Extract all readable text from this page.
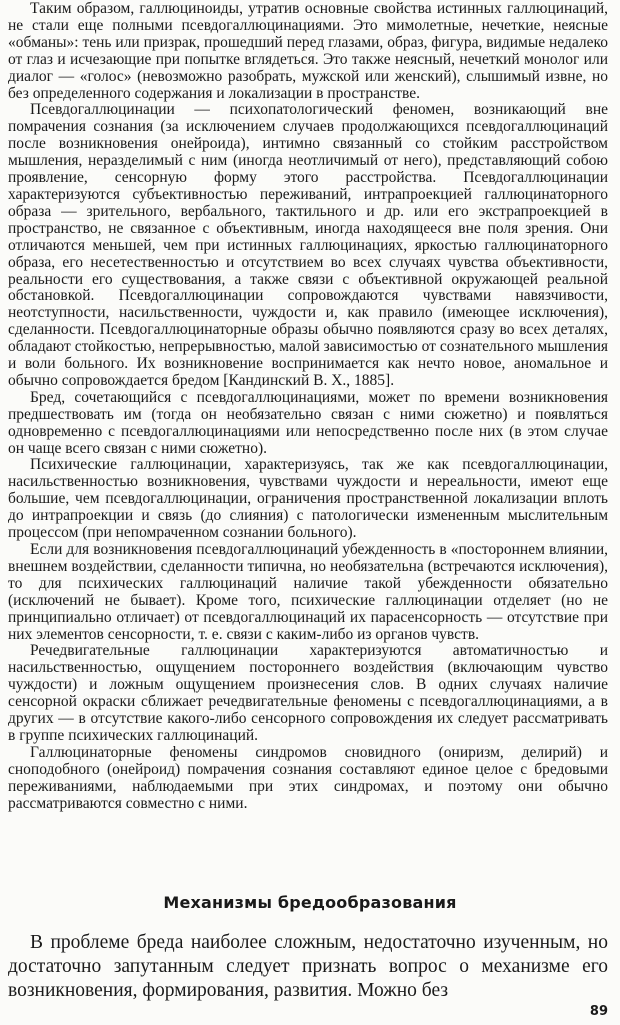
Таким образом, галлюциноиды, утратив основные свойства истинных галлюцинаций, не стали еще полными псевдогаллюцинациями. Это мимолетные, нечеткие, неясные «обманы»: тень или призрак, прошедший перед глазами, образ, фигура, видимые недалеко от глаз и исчезающие при попытке вглядеться. Это также неясный, нечеткий монолог или диалог — «голос» (невозможно разобрать, мужской или женский), слышимый извне, но без определенного содержания и локализации в пространстве.

Псевдогаллюцинации — психопатологический феномен, возникающий вне помрачения сознания (за исключением случаев продолжающихся псевдогаллюцинаций после возникновения онейроида), интимно связанный со стойким расстройством мышления, неразделимый с ним (иногда неотличимый от него), представляющий собою проявление, сенсорную форму этого расстройства. Псевдогаллюцинации характеризуются субъективностью переживаний, интрапроекцией галлюцинаторного образа — зрительного, вербального, тактильного и др. или его экстрапроекцией в пространство, не связанное с объективным, иногда находящееся вне поля зрения. Они отличаются меньшей, чем при истинных галлюцинациях, яркостью галлюцинаторного образа, его несетественностью и отсутствием во всех случаях чувства объективности, реальности его существования, а также связи с объективной окружающей реальной обстановкой. Псевдогаллюцинации сопровождаются чувствами навязчивости, неотступности, насильственности, чуждости и, как правило (имеющее исключения), сделанности. Псевдогаллюцинаторные образы обычно появляются сразу во всех деталях, обладают стойкостью, непрерывностью, малой зависимостью от сознательного мышления и воли больного. Их возникновение воспринимается как нечто новое, аномальное и обычно сопровождается бредом [Кандинский В. Х., 1885].

Бред, сочетающийся с псевдогаллюцинациями, может по времени возникновения предшествовать им (тогда он необязательно связан с ними сюжетно) и появляться одновременно с псевдогаллюцинациями или непосредственно после них (в этом случае он чаще всего связан с ними сюжетно).

Психические галлюцинации, характеризуясь, так же как псевдогаллюцинации, насильственностью возникновения, чувствами чуждости и нереальности, имеют еще большие, чем псевдогаллюцинации, ограничения пространственной локализации вплоть до интрапроекции и связь (до слияния) с патологически измененным мыслительным процессом (при непомраченном сознании больного).

Если для возникновения псевдогаллюцинаций убежденность в «постороннем влиянии, внешнем воздействии, сделанности типична, но необязательна (встречаются исключения), то для психических галлюцинаций наличие такой убежденности обязательно (исключений не бывает). Кроме того, психические галлюцинации отделяет (но не принципиально отличает) от псевдогаллюцинаций их парасенсорность — отсутствие при них элементов сенсорности, т. е. связи с каким-либо из органов чувств.

Речедвигательные галлюцинации характеризуются автоматичностью и насильственностью, ощущением постороннего воздействия (включающим чувство чуждости) и ложным ощущением произнесения слов. В одних случаях наличие сенсорной окраски сближает речедвигательные феномены с псевдогаллюцинациями, а в других — в отсутствие какого-либо сенсорного сопровождения их следует рассматривать в группе психических галлюцинаций.

Галлюцинаторные феномены синдромов сновидного (ониризм, делирий) и сноподобного (онейроид) помрачения сознания составляют единое целое с бредовыми переживаниями, наблюдаемыми при этих синдромах, и поэтому они обычно рассматриваются совместно с ними.

Механизмы бредообразования

В проблеме бреда наиболее сложным, недостаточно изученным, но достаточно запутанным следует признать вопрос о механизме его возникновения, формирования, развития. Можно без

89
